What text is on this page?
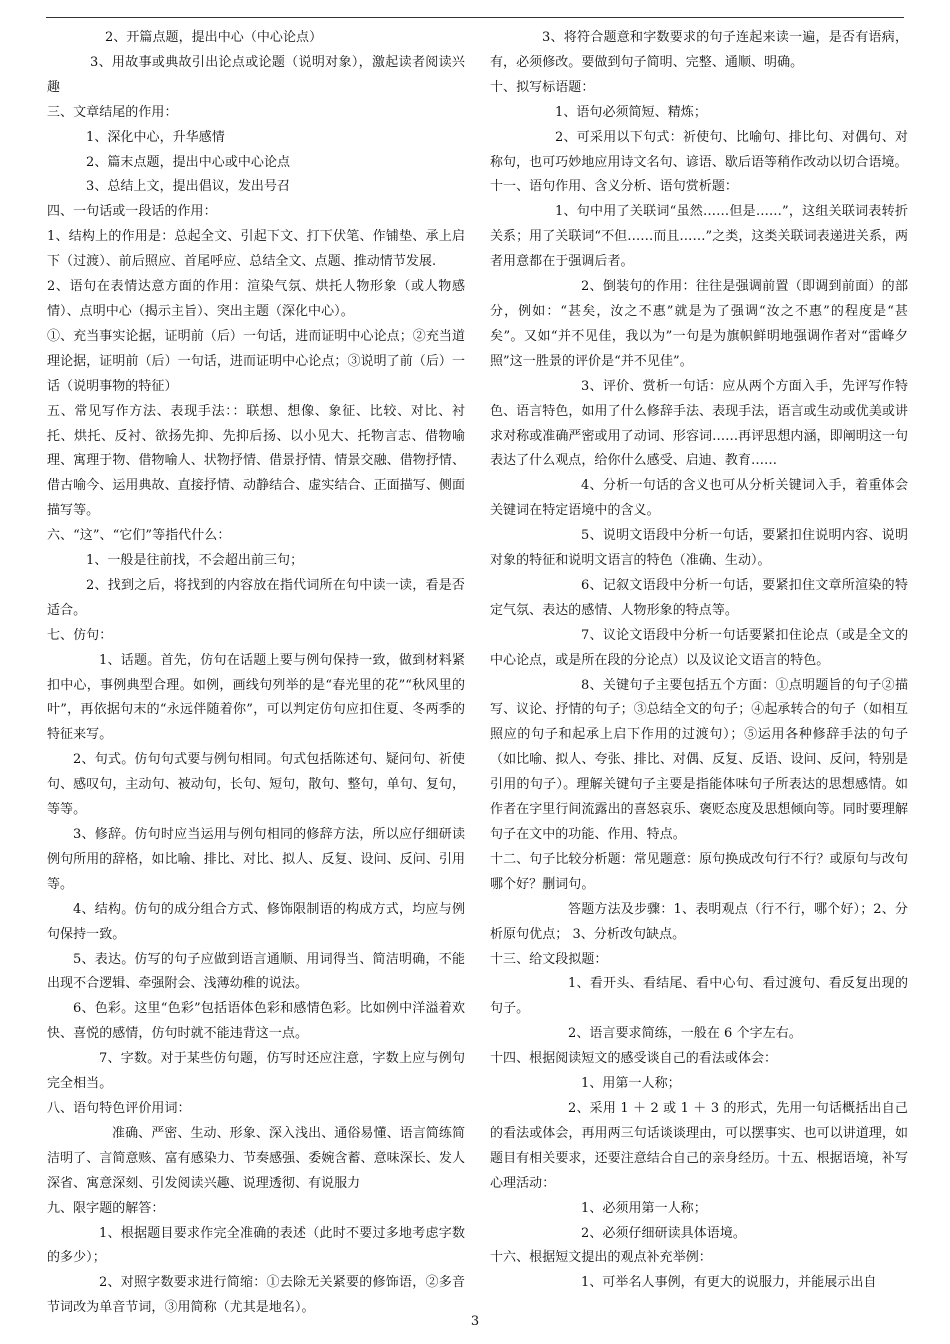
2、开篇点题，提出中心（中心论点）

3、用故事或典故引出论点或论题（说明对象），激起读者阅读兴趣

三、文章结尾的作用：

1、深化中心，升华感情

2、篇末点题，提出中心或中心论点

3、总结上文，提出倡议，发出号召

四、一句话或一段话的作用：

1、结构上的作用是：总起全文、引起下文、打下伏笔、作铺垫、承上启下（过渡）、前后照应、首尾呼应、总结全文、点题、推动情节发展.

2、语句在表情达意方面的作用：渲染气氛、烘托人物形象（或人物感情）、点明中心（揭示主旨）、突出主题（深化中心）。

①、充当事实论据，证明前（后）一句话，进而证明中心论点；②充当道理论据，证明前（后）一句话，进而证明中心论点；③说明了前（后）一话（说明事物的特征）

五、常见写作方法、表现手法：：联想、想像、象征、比较、对比、衬托、烘托、反衬、欲扬先抑、先抑后扬、以小见大、托物言志、借物喻理、寓理于物、借物喻人、状物抒情、借景抒情、情景交融、借物抒情、借古喻今、运用典故、直接抒情、动静结合、虚实结合、正面描写、侧面描写等。

六、“这”、“它们”等指代什么：

1、一般是往前找，不会超出前三句；

2、找到之后，将找到的内容放在指代词所在句中读一读，看是否适合。

七、仿句：

1、话题。首先，仿句在话题上要与例句保持一致，做到材料紧扣中心，事例典型合理。如例，画线句列举的是“春光里的花”“秋风里的叶”，再依据句末的“永远伴随着你”，可以判定仿句应扣住夏、冬两季的特征来写。

2、句式。仿句句式要与例句相同。句式包括陈述句、疑问句、祈使句、感叹句，主动句、被动句，长句、短句，散句、整句，单句、复句，等等。

3、修辞。仿句时应当运用与例句相同的修辞方法，所以应仔细研读例句所用的辞格，如比喻、排比、对比、拟人、反复、设问、反问、引用等。

4、结构。仿句的成分组合方式、修饰限制语的构成方式，均应与例句保持一致。

5、表达。仿写的句子应做到语言通顺、用词得当、简洁明确，不能出现不合逻辑、牵强附会、浅薄幼稚的说法。

6、色彩。这里“色彩”包括语体色彩和感情色彩。比如例中洋溢着欢快、喜悦的感情，仿句时就不能违背这一点。

7、字数。对于某些仿句题，仿写时还应注意，字数上应与例句完全相当。

八、语句特色评价用词：

准确、严密、生动、形象、深入浅出、通俗易懂、语言简练简洁明了、言简意赅、富有感染力、节奏感强、委婉含蓄、意味深长、发人深省、寓意深刻、引发阅读兴趣、说理透彻、有说服力

九、限字题的解答：

1、根据题目要求作完全准确的表述（此时不要过多地考虑字数的多少）；

2、对照字数要求进行简缩：①去除无关紧要的修饰语，②多音节词改为单音节词，③用简称（尤其是地名）。

3、将符合题意和字数要求的句子连起来读一遍，是否有语病，有，必须修改。要做到句子简明、完整、通顺、明确。

十、拟写标语题：

1、语句必须简短、精炼；

2、可采用以下句式：祈使句、比喻句、排比句、对偶句、对称句，也可巧妙地应用诗文名句、谚语、歇后语等稍作改动以切合语境。

十一、语句作用、含义分析、语句赏析题：

1、句中用了关联词“虽然……但是……”，这组关联词表转折关系；用了关联词“不但……而且……”之类，这类关联词表递进关系，两者用意都在于强调后者。

2、倒装句的作用：往往是强调前置（即调到前面）的部分，例如：“甚矣，汝之不惠”就是为了强调“汝之不惠”的程度是“甚矣”。又如“并不见佳，我以为”一句是为旗帜鲜明地强调作者对“雷峰夕照”这一胜景的评价是“并不见佳”。

3、评价、赏析一句话：应从两个方面入手，先评写作特色、语言特色，如用了什么修辞手法、表现手法，语言或生动或优美或讲求对称或准确严密或用了动词、形容词……再评思想内涵，即阐明这一句表达了什么观点，给你什么感受、启迪、教育……

4、分析一句话的含义也可从分析关键词入手，着重体会关键词在特定语境中的含义。

5、说明文语段中分析一句话，要紧扣住说明内容、说明对象的特征和说明文语言的特色（准确、生动）。

6、记叙文语段中分析一句话，要紧扣住文章所渲染的特定气氛、表达的感情、人物形象的特点等。

7、议论文语段中分析一句话要紧扣住论点（或是全文的中心论点，或是所在段的分论点）以及议论文语言的特色。

8、关键句子主要包括五个方面：①点明题旨的句子②描写、议论、抒情的句子；③总结全文的句子；④起承转合的句子（如相互照应的句子和起承上启下作用的过渡句）；⑤运用各种修辞手法的句子（如比喻、拟人、夸张、排比、对偶、反复、反语、设问、反问，特别是引用的句子）。理解关键句子主要是指能体味句子所表达的思想感情。如作者在字里行间流露出的喜怒哀乐、褒贬态度及思想倾向等。同时要理解句子在文中的功能、作用、特点。

十二、句子比较分析题：常见题意：原句换成改句行不行？或原句与改句哪个好？删词句。

答题方法及步骤：1、表明观点（行不行，哪个好）；2、分析原句优点； 3、分析改句缺点。

十三、给文段拟题：

1、看开头、看结尾、看中心句、看过渡句、看反复出现的句子。

2、语言要求简练，一般在 6 个字左右。

十四、根据阅读短文的感受谈自己的看法或体会：

1、用第一人称；

2、采用 1 ＋ 2 或 1 ＋ 3 的形式，先用一句话概括出自己的看法或体会，再用两三句话谈谈理由，可以摆事实、也可以讲道理，如题目有相关要求，还要注意结合自己的亲身经历。十五、根据语境，补写心理活动：

1、必须用第一人称；

2、必须仔细研读具体语境。

十六、根据短文提出的观点补充举例：

1、可举名人事例，有更大的说服力，并能展示出自

3
